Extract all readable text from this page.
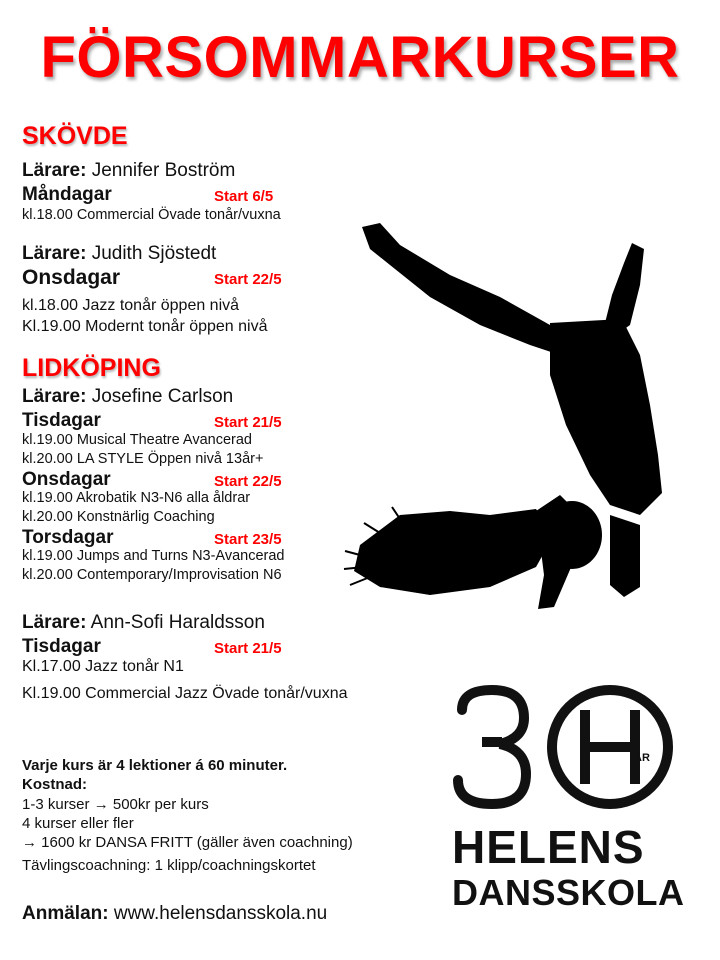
FÖRSOMMARKURSER
SKÖVDE
Lärare: Jennifer Boström
Måndagar	Start 6/5
kl.18.00 Commercial Övade tonår/vuxna
Lärare: Judith Sjöstedt
Onsdagar	Start 22/5
kl.18.00 Jazz tonår öppen nivå
Kl.19.00 Modernt tonår öppen nivå
LIDKÖPING
Lärare: Josefine Carlson
Tisdagar	Start 21/5
kl.19.00 Musical Theatre Avancerad
kl.20.00 LA STYLE Öppen nivå 13år+
Onsdagar	Start 22/5
kl.19.00 Akrobatik N3-N6 alla åldrar
kl.20.00 Konstnärlig Coaching
Torsdagar	Start 23/5
kl.19.00 Jumps and Turns N3-Avancerad
kl.20.00 Contemporary/Improvisation N6
Lärare: Ann-Sofi Haraldsson
Tisdagar	Start 21/5
Kl.17.00 Jazz tonår N1
Kl.19.00 Commercial Jazz Övade tonår/vuxna
Varje kurs är 4 lektioner á 60 minuter.
Kostnad:
1-3 kurser → 500kr per kurs
4 kurser eller fler
→ 1600 kr DANSA FRITT (gäller även coachning)
Tävlingscoachning: 1 klipp/coachningskortet
Anmälan: www.helensdansskola.nu
ÅR
HELENS
DANSSKOLA
